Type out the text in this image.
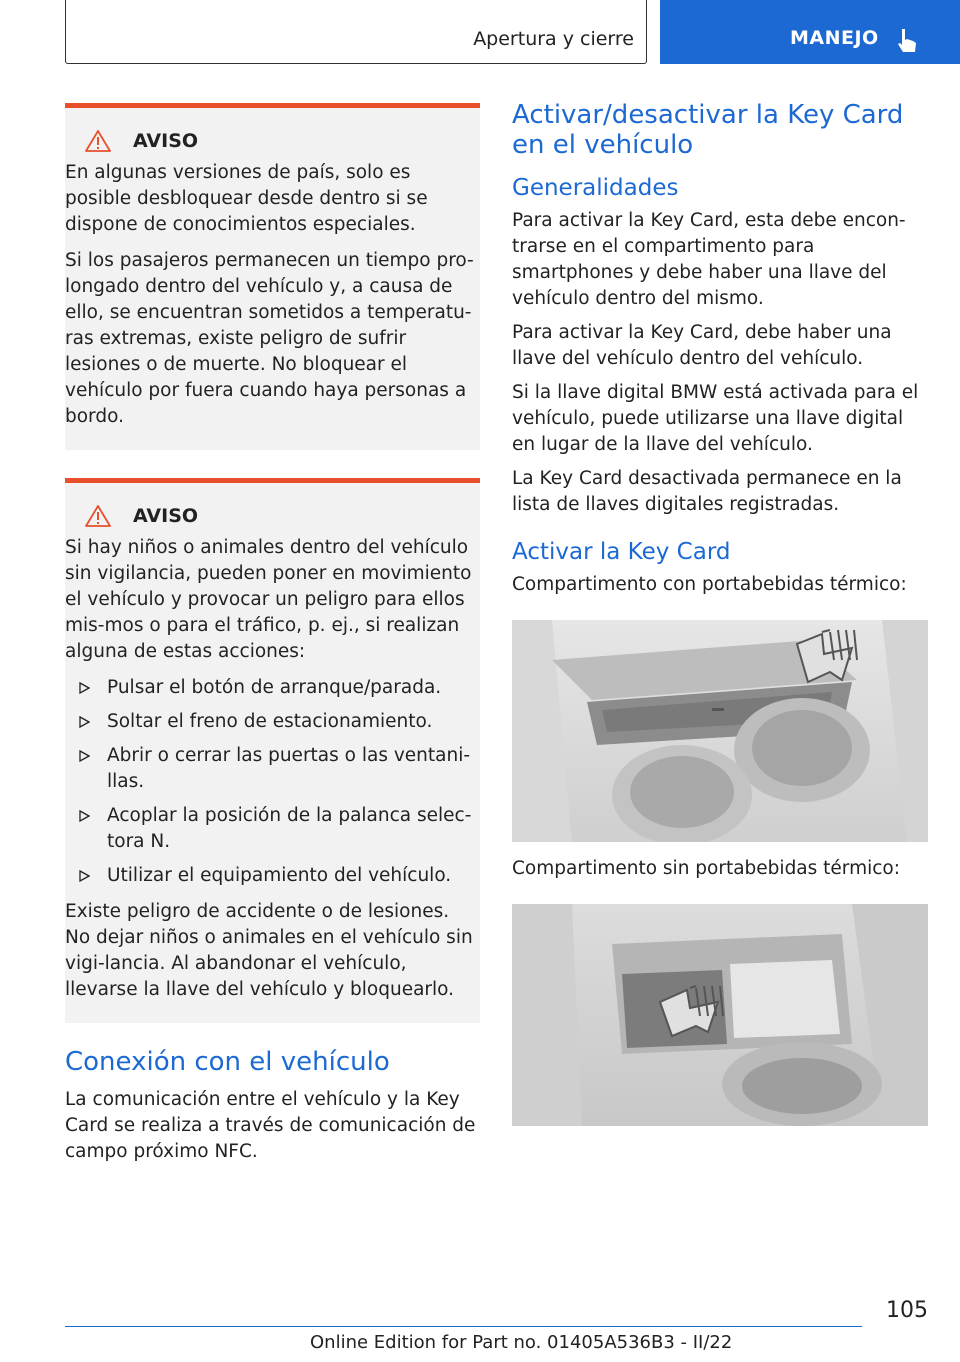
Apertura y cierre	MANEJO
AVISO

En algunas versiones de país, solo es posible desbloquear desde dentro si se dispone de conocimientos especiales.

Si los pasajeros permanecen un tiempo pro-longado dentro del vehículo y, a causa de ello, se encuentran sometidos a temperatu-ras extremas, existe peligro de sufrir lesiones o de muerte. No bloquear el vehículo por fuera cuando haya personas a bordo.

AVISO

Si hay niños o animales dentro del vehículo sin vigilancia, pueden poner en movimiento el vehículo y provocar un peligro para ellos mis-mos o para el tráfico, p. ej., si realizan alguna de estas acciones:

Pulsar el botón de arranque/parada.
Soltar el freno de estacionamiento.
Abrir o cerrar las puertas o las ventani-llas.
Acoplar la posición de la palanca selec-tora N.
Utilizar el equipamiento del vehículo.

Existe peligro de accidente o de lesiones. No dejar niños o animales en el vehículo sin vigi-lancia. Al abandonar el vehículo, llevarse la llave del vehículo y bloquearlo.

Conexión con el vehículo

La comunicación entre el vehículo y la Key Card se realiza a través de comunicación de campo próximo NFC.

Activar/desactivar la Key Card en el vehículo
Generalidades

Para activar la Key Card, esta debe encon-trarse en el compartimento para smartphones y debe haber una llave del vehículo dentro del mismo.

Para activar la Key Card, debe haber una llave del vehículo dentro del vehículo.

Si la llave digital BMW está activada para el vehículo, puede utilizarse una llave digital en lugar de la llave del vehículo.

La Key Card desactivada permanece en la lista de llaves digitales registradas.

Activar la Key Card

Compartimento con portabebidas térmico:

Compartimento sin portabebidas térmico:

105
Online Edition for Part no. 01405A536B3 - II/22
